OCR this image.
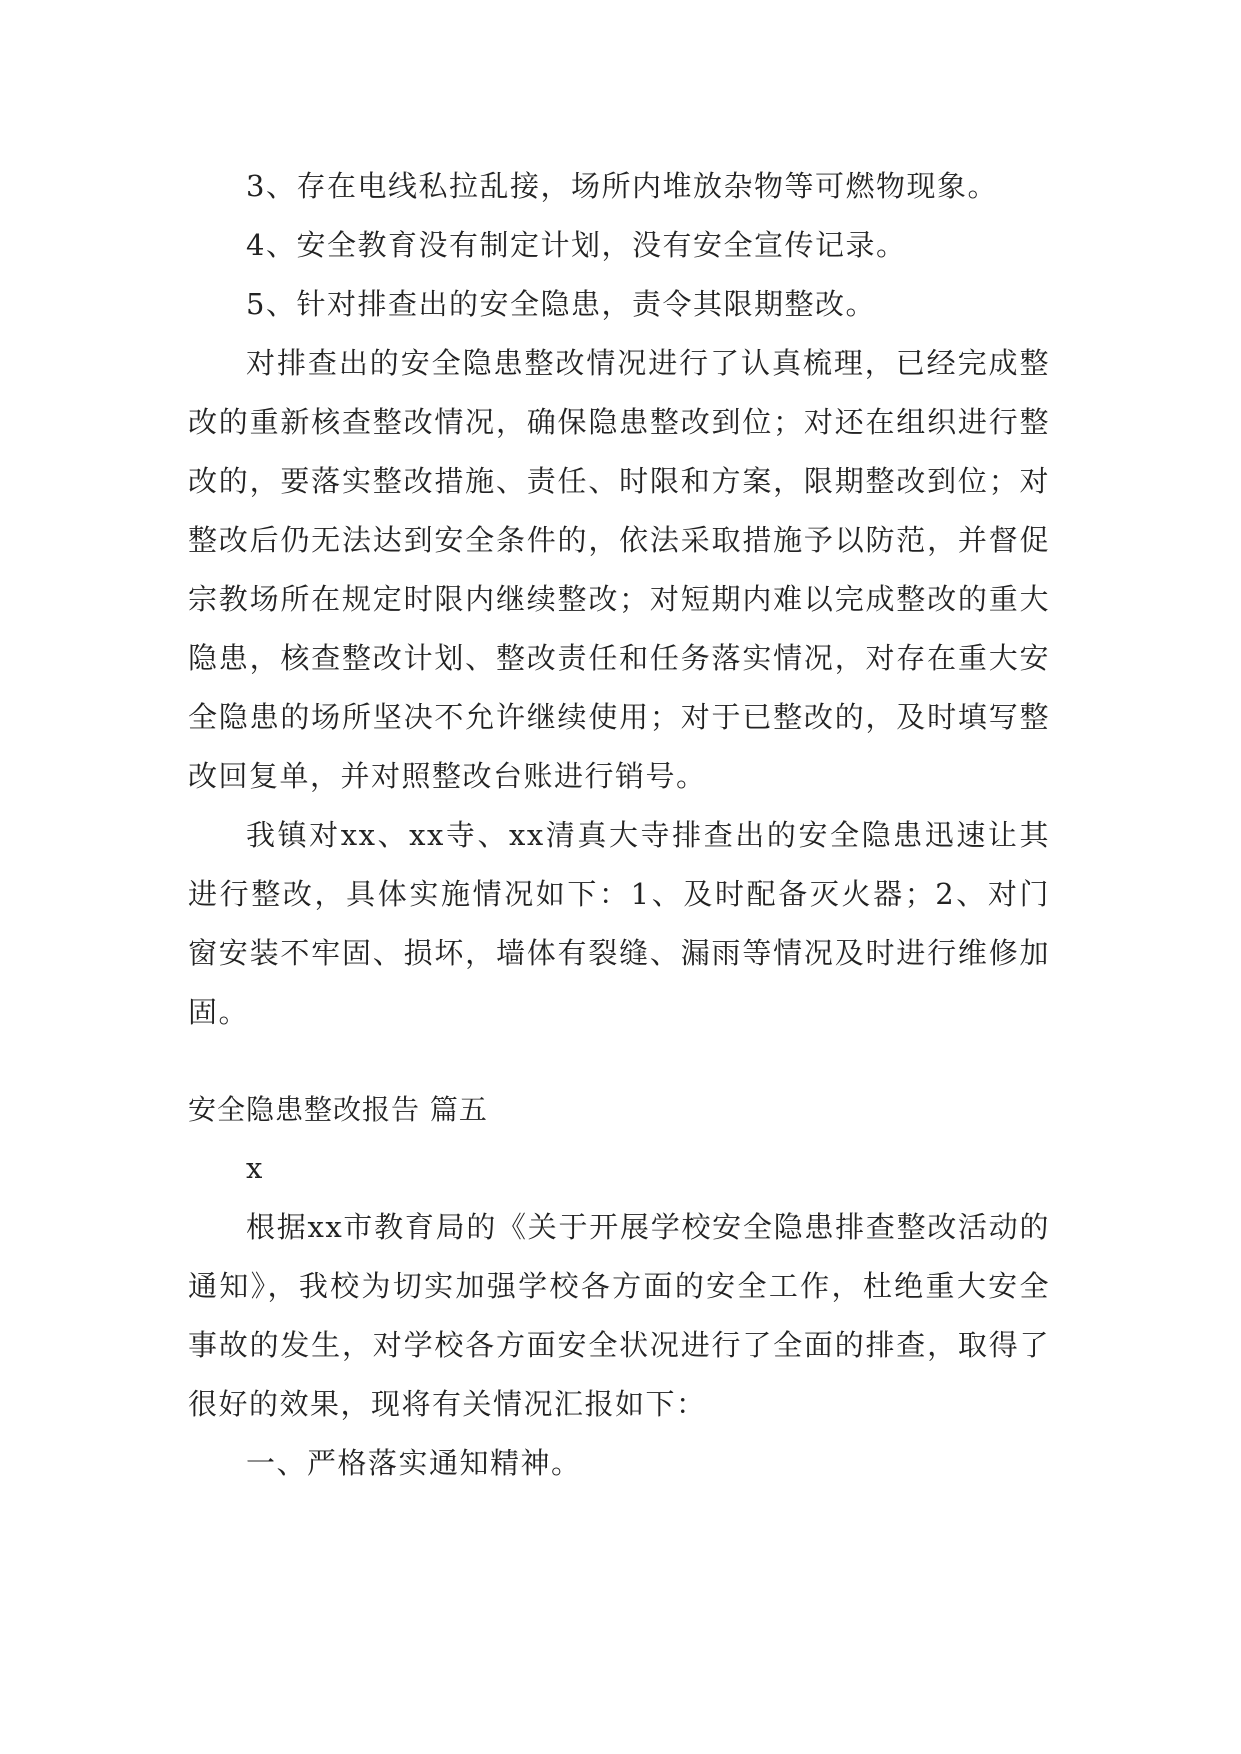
3、存在电线私拉乱接，场所内堆放杂物等可燃物现象。

4、安全教育没有制定计划，没有安全宣传记录。

5、针对排查出的安全隐患，责令其限期整改。

对排查出的安全隐患整改情况进行了认真梳理，已经完成整改的重新核查整改情况，确保隐患整改到位；对还在组织进行整改的，要落实整改措施、责任、时限和方案，限期整改到位；对整改后仍无法达到安全条件的，依法采取措施予以防范，并督促宗教场所在规定时限内继续整改；对短期内难以完成整改的重大隐患，核查整改计划、整改责任和任务落实情况，对存在重大安全隐患的场所坚决不允许继续使用；对于已整改的，及时填写整改回复单，并对照整改台账进行销号。

我镇对xx、xx寺、xx清真大寺排查出的安全隐患迅速让其进行整改，具体实施情况如下：1、及时配备灭火器；2、对门窗安装不牢固、损坏，墙体有裂缝、漏雨等情况及时进行维修加固。

安全隐患整改报告 篇五

x

根据xx市教育局的《关于开展学校安全隐患排查整改活动的通知》，我校为切实加强学校各方面的安全工作，杜绝重大安全事故的发生，对学校各方面安全状况进行了全面的排查，取得了很好的效果，现将有关情况汇报如下：

一、严格落实通知精神。
